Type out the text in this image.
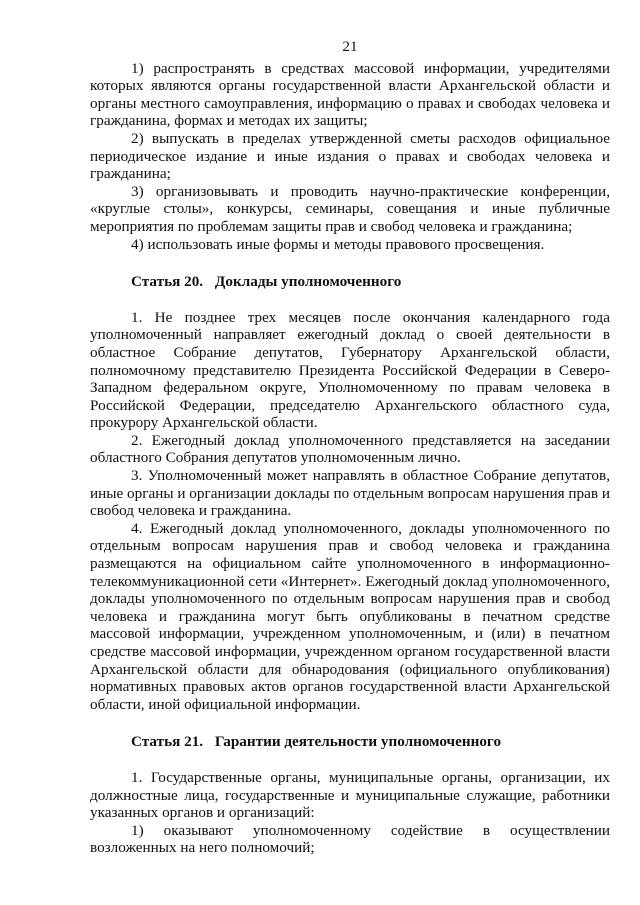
21

1) распространять в средствах массовой информации, учредителями которых являются органы государственной власти Архангельской области и органы местного самоуправления, информацию о правах и свободах человека и гражданина, формах и методах их защиты;

2) выпускать в пределах утвержденной сметы расходов официальное периодическое издание и иные издания о правах и свободах человека и гражданина;

3) организовывать и проводить научно-практические конференции, «круглые столы», конкурсы, семинары, совещания и иные публичные мероприятия по проблемам защиты прав и свобод человека и гражданина;

4) использовать иные формы и методы правового просвещения.

Статья 20. Доклады уполномоченного

1. Не позднее трех месяцев после окончания календарного года уполномоченный направляет ежегодный доклад о своей деятельности в областное Собрание депутатов, Губернатору Архангельской области, полномочному представителю Президента Российской Федерации в Северо-Западном федеральном округе, Уполномоченному по правам человека в Российской Федерации, председателю Архангельского областного суда, прокурору Архангельской области.

2. Ежегодный доклад уполномоченного представляется на заседании областного Собрания депутатов уполномоченным лично.

3. Уполномоченный может направлять в областное Собрание депутатов, иные органы и организации доклады по отдельным вопросам нарушения прав и свобод человека и гражданина.

4. Ежегодный доклад уполномоченного, доклады уполномоченного по отдельным вопросам нарушения прав и свобод человека и гражданина размещаются на официальном сайте уполномоченного в информационно-телекоммуникационной сети «Интернет». Ежегодный доклад уполномоченного, доклады уполномоченного по отдельным вопросам нарушения прав и свобод человека и гражданина могут быть опубликованы в печатном средстве массовой информации, учрежденном уполномоченным, и (или) в печатном средстве массовой информации, учрежденном органом государственной власти Архангельской области для обнародования (официального опубликования) нормативных правовых актов органов государственной власти Архангельской области, иной официальной информации.

Статья 21. Гарантии деятельности уполномоченного

1. Государственные органы, муниципальные органы, организации, их должностные лица, государственные и муниципальные служащие, работники указанных органов и организаций:

1) оказывают уполномоченному содействие в осуществлении возложенных на него полномочий;
